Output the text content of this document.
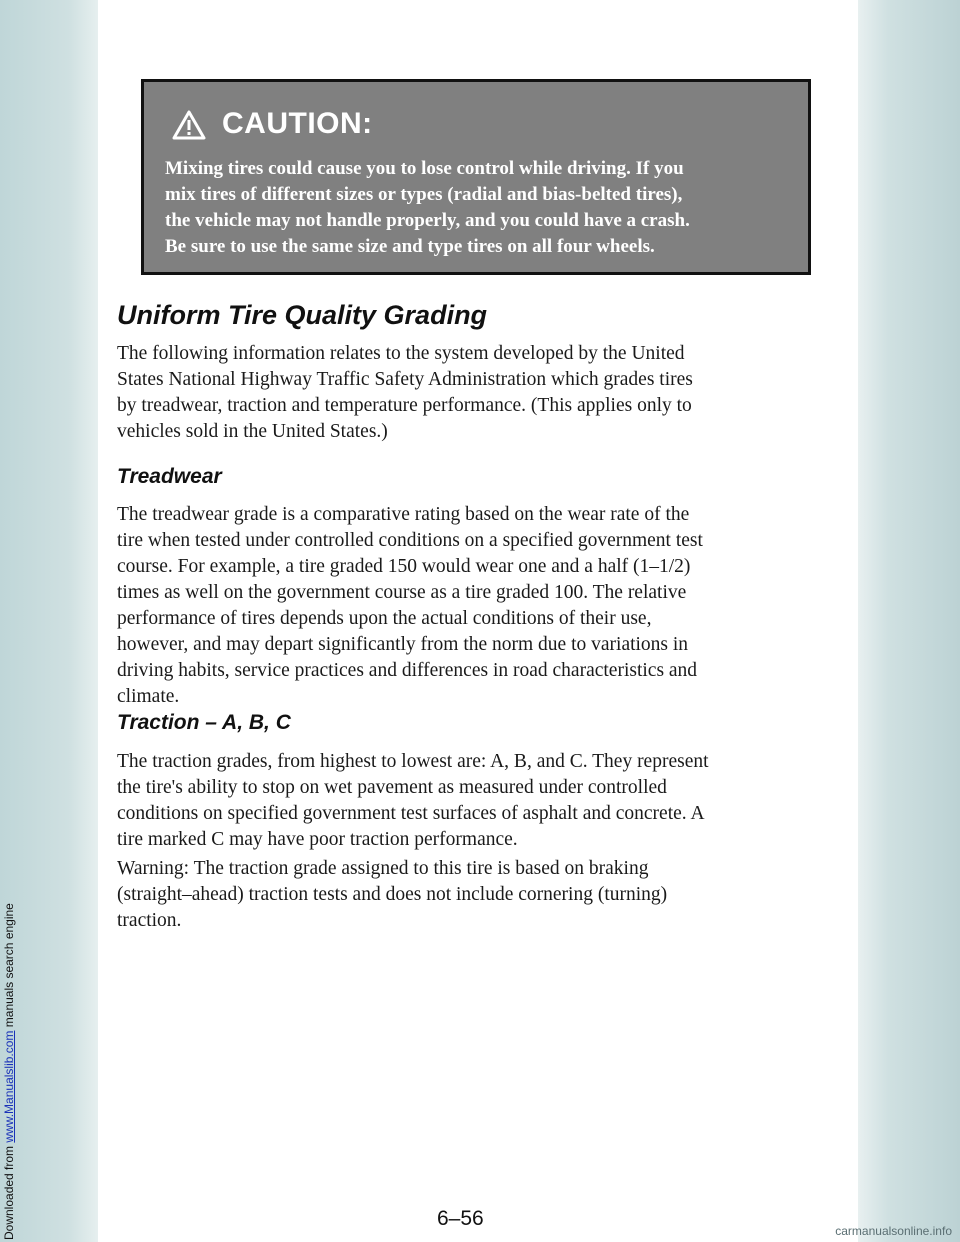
Downloaded from www.Manualslib.com manuals search engine
CAUTION:
Mixing tires could cause you to lose control while driving. If you
mix tires of different sizes or types (radial and bias-belted tires),
the vehicle may not handle properly, and you could have a crash.
Be sure to use the same size and type tires on all four wheels.
Uniform Tire Quality Grading
The following information relates to the system developed by the United
States National Highway Traffic Safety Administration which grades tires
by treadwear, traction and temperature performance. (This applies only to
vehicles sold in the United States.)
Treadwear
The treadwear grade is a comparative rating based on the wear rate of the
tire when tested under controlled conditions on a specified government test
course. For example, a tire graded 150 would wear one and a half (1–1/2)
times as well on the government course as a tire graded 100. The relative
performance of tires depends upon the actual conditions of their use,
however, and may depart significantly from the norm due to variations in
driving habits, service practices and differences in road characteristics and
climate.
Traction – A, B, C
The traction grades, from highest to lowest are: A, B, and C. They represent
the tire's ability to stop on wet pavement as measured under controlled
conditions on specified government test surfaces of asphalt and concrete. A
tire marked C may have poor traction performance.
Warning: The traction grade assigned to this tire is based on braking
(straight–ahead) traction tests and does not include cornering (turning)
traction.
6–56
carmanualsonline.info
